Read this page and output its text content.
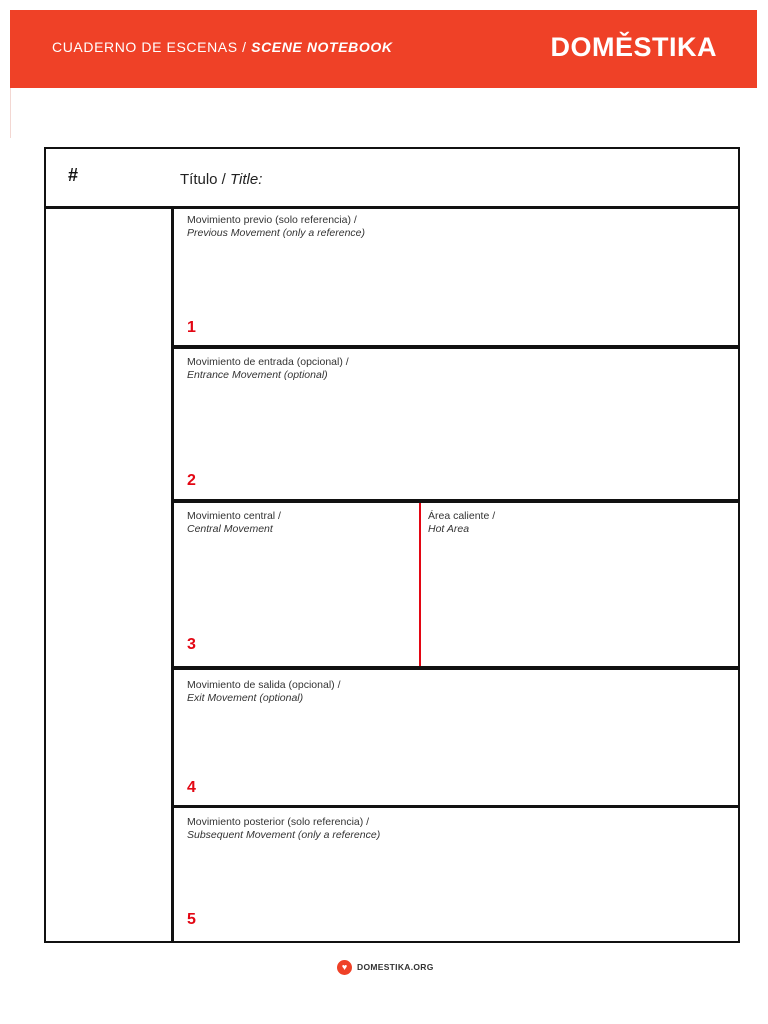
CUADERNO DE ESCENAS / SCENE NOTEBOOK	DOMĚSTIKA
#	Título / Title:
Movimiento previo (solo referencia) /
Previous Movement (only a reference)
1
Movimiento de entrada (opcional) /
Entrance Movement (optional)
2
Movimiento central /
Central Movement
Área caliente /
Hot Area
3
Movimiento de salida (opcional) /
Exit Movement (optional)
4
Movimiento posterior (solo referencia) /
Subsequent Movement (only a reference)
5
♥	DOMESTIKA.ORG
